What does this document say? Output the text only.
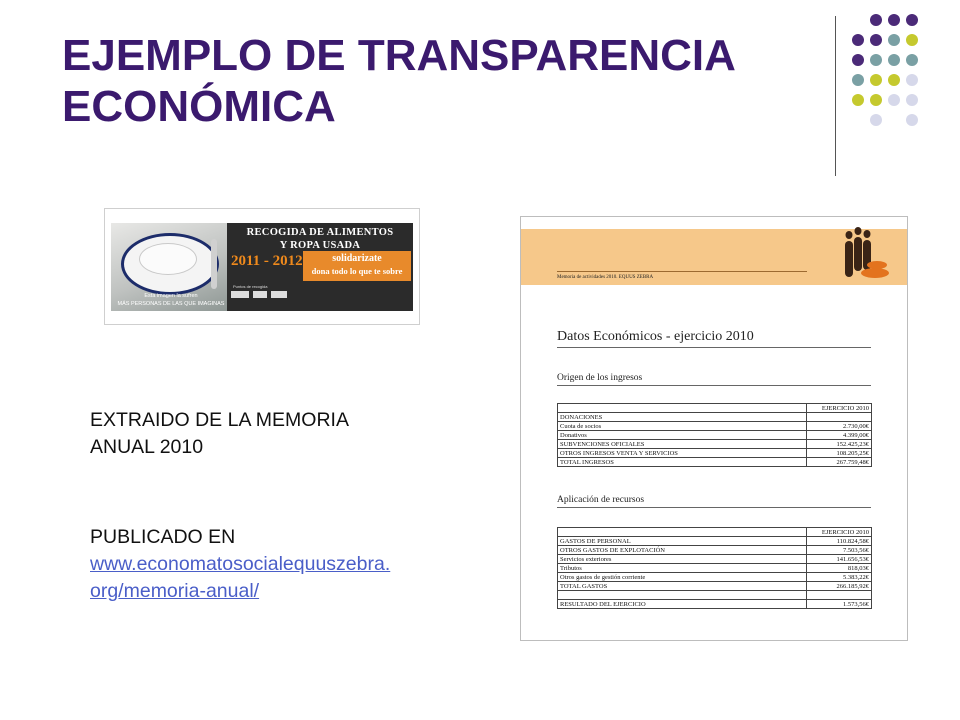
EJEMPLO DE TRANSPARENCIA
ECONÓMICA
Esta imagen la sufren
MÁS PERSONAS DE LAS QUE IMAGINAS
RECOGIDA DE ALIMENTOS
Y ROPA USADA
2011 - 2012	solidarizate
dona todo lo que te sobre
Puntos de recogida
EXTRAIDO DE LA MEMORIA
ANUAL 2010
PUBLICADO EN
www.economatosocialequuszebra.
org/memoria-anual/
Memoria de actividades 2010. EQUUS ZEBRA
Datos Económicos - ejercicio 2010
Origen de los ingresos
	EJERCICIO 2010
DONACIONES	
Cuota de socios	2.730,00€
Donativos	4.399,00€
SUBVENCIONES OFICIALES	152.425,23€
OTROS INGRESOS VENTA Y SERVICIOS	108.205,25€
TOTAL INGRESOS	267.759,48€
Aplicación de recursos
	EJERCICIO 2010
GASTOS DE PERSONAL	110.824,58€
OTROS GASTOS DE EXPLOTACIÓN	7.503,56€
Servicios exteriores	141.656,53€
Tributos	818,03€
Otros gastos de gestión corriente	5.383,22€
TOTAL GASTOS	266.185,92€

RESULTADO DEL EJERCICIO	1.573,56€
